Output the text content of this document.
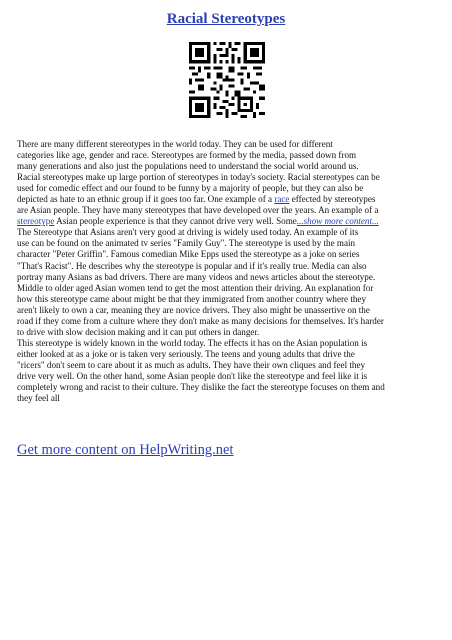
Racial Stereotypes
There are many different stereotypes in the world today. They can be used for different
categories like age, gender and race. Stereotypes are formed by the media, passed down from
many generations and also just the populations need to understand the social world around us.
Racial stereotypes make up large portion of stereotypes in today's society. Racial stereotypes can be
used for comedic effect and our found to be funny by a majority of people, but they can also be
depicted as hate to an ethnic group if it goes too far. One example of a race effected by stereotypes
are Asian people. They have many stereotypes that have developed over the years. An example of a
stereotype Asian people experience is that they cannot drive very well. Some...show more content...
The Stereotype that Asians aren't very good at driving is widely used today. An example of its
use can be found on the animated tv series "Family Guy". The stereotype is used by the main
character "Peter Griffin". Famous comedian Mike Epps used the stereotype as a joke on series
"That's Racist". He describes why the stereotype is popular and if it's really true. Media can also
portray many Asians as bad drivers. There are many videos and news articles about the stereotype.
Middle to older aged Asian women tend to get the most attention their driving. An explanation for
how this stereotype came about might be that they immigrated from another country where they
aren't likely to own a car, meaning they are novice drivers. They also might be unassertive on the
road if they come from a culture where they don't make as many decisions for themselves. It's harder
to drive with slow decision making and it can put others in danger.
This stereotype is widely known in the world today. The effects it has on the Asian population is
either looked at as a joke or is taken very seriously. The teens and young adults that drive the
"ricers" don't seem to care about it as much as adults. They have their own cliques and feel they
drive very well. On the other hand, some Asian people don't like the stereotype and feel like it is
completely wrong and racist to their culture. They dislike the fact the stereotype focuses on them and
they feel all
Get more content on HelpWriting.net
